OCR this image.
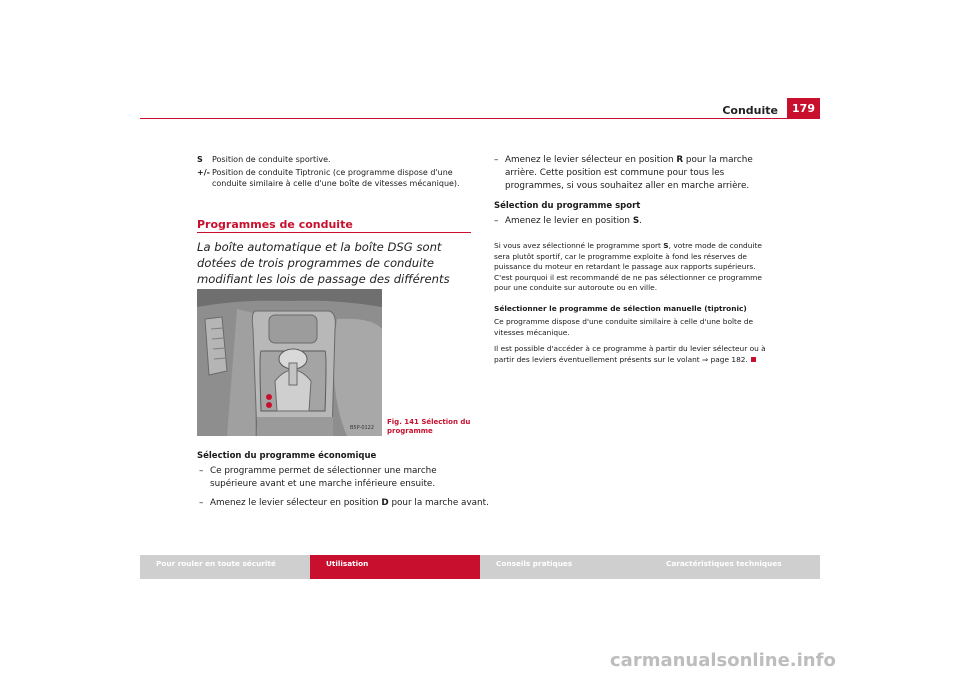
Conduite	179
S Position de conduite sportive.
+/- Position de conduite Tiptronic (ce programme dispose d'une conduite similaire à celle d'une boîte de vitesses mécanique).
Programmes de conduite
La boîte automatique et la boîte DSG sont dotées de trois programmes de conduite modifiant les lois de passage des différents
B5P-0122
Fig. 141 Sélection du programme
Sélection du programme économique
– Ce programme permet de sélectionner une marche supérieure avant et une marche inférieure ensuite.
– Amenez le levier sélecteur en position D pour la marche avant.
– Amenez le levier sélecteur en position R pour la marche arrière. Cette position est commune pour tous les programmes, si vous souhaitez aller en marche arrière.
Sélection du programme sport
– Amenez le levier en position S.
Si vous avez sélectionné le programme sport S, votre mode de conduite sera plutôt sportif, car le programme exploite à fond les réserves de puissance du moteur en retardant le passage aux rapports supérieurs. C'est pourquoi il est recommandé de ne pas sélectionner ce programme pour une conduite sur autoroute ou en ville.
Sélectionner le programme de sélection manuelle (tiptronic)
Ce programme dispose d'une conduite similaire à celle d'une boîte de vitesses mécanique.
Il est possible d'accéder à ce programme à partir du levier sélecteur ou à partir des leviers éventuellement présents sur le volant ⇒ page 182.
Pour rouler en toute sécurité	Utilisation	Conseils pratiques	Caractéristiques techniques
carmanualsonline.info
